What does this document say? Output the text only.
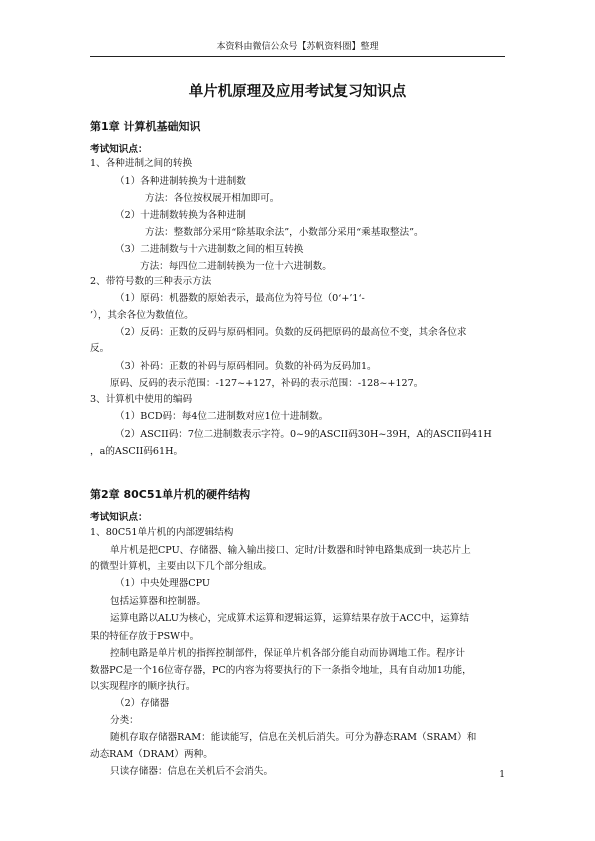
本资料由微信公众号【苏帆资料圈】整理
单片机原理及应用考试复习知识点
第1章 计算机基础知识
考试知识点：
1、各种进制之间的转换
（1）各种进制转换为十进制数
方法：各位按权展开相加即可。
（2）十进制数转换为各种进制
方法：整数部分采用“除基取余法”，小数部分采用“乘基取整法”。
（3）二进制数与十六进制数之间的相互转换
方法：每四位二进制转换为一位十六进制数。
2、带符号数的三种表示方法
（1）原码：机器数的原始表示，最高位为符号位（0‘+’1‘-
’），其余各位为数值位。
（2）反码：正数的反码与原码相同。负数的反码把原码的最高位不变，其余各位求
反。
（3）补码：正数的补码与原码相同。负数的补码为反码加1。
原码、反码的表示范围：-127~+127，补码的表示范围：-128~+127。
3、计算机中使用的编码
（1）BCD码：每4位二进制数对应1位十进制数。
（2）ASCII码：7位二进制数表示字符。0~9的ASCII码30H~39H，A的ASCII码41H
，a的ASCII码61H。
第2章 80C51单片机的硬件结构
考试知识点：
1、80C51单片机的内部逻辑结构
单片机是把CPU、存储器、输入输出接口、定时/计数器和时钟电路集成到一块芯片上
的微型计算机，主要由以下几个部分组成。
（1）中央处理器CPU
包括运算器和控制器。
运算电路以ALU为核心，完成算术运算和逻辑运算，运算结果存放于ACC中，运算结
果的特征存放于PSW中。
控制电路是单片机的指挥控制部件，保证单片机各部分能自动而协调地工作。程序计
数器PC是一个16位寄存器，PC的内容为将要执行的下一条指令地址，具有自动加1功能，
以实现程序的顺序执行。
（2）存储器
分类：
随机存取存储器RAM：能读能写，信息在关机后消失。可分为静态RAM（SRAM）和
动态RAM（DRAM）两种。
只读存储器：信息在关机后不会消失。	1
